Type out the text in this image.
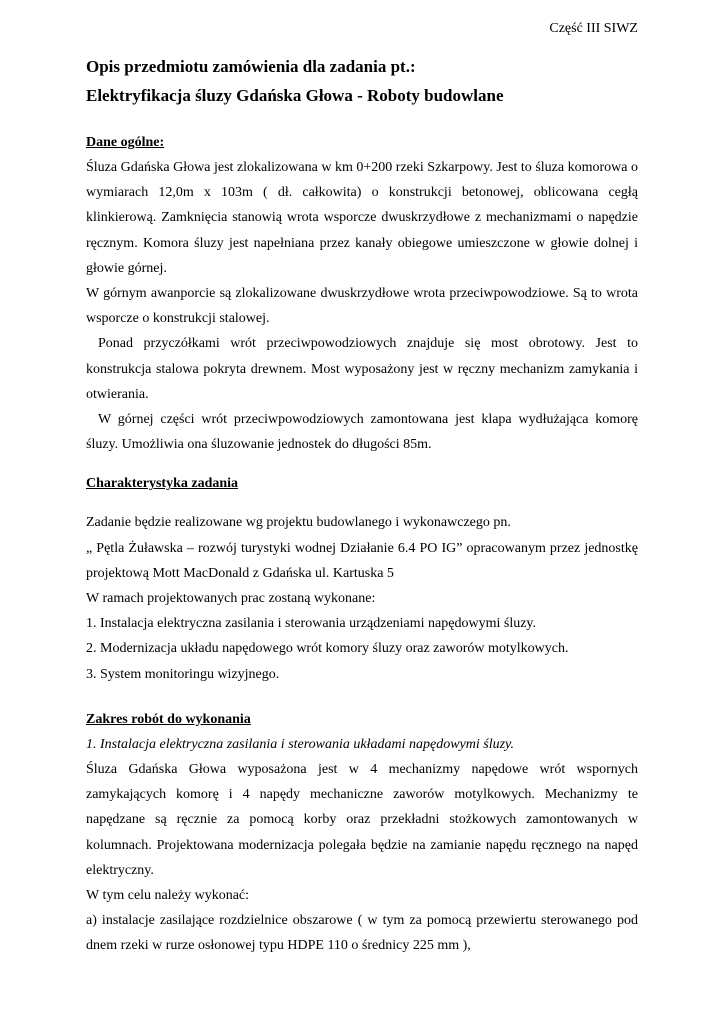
Część III SIWZ

Opis przedmiotu zamówienia dla zadania pt.:

Elektryfikacja śluzy Gdańska Głowa - Roboty budowlane

Dane ogólne:

Śluza Gdańska Głowa jest zlokalizowana w km 0+200 rzeki Szkarpowy. Jest to śluza komorowa o wymiarach 12,0m x 103m ( dł. całkowita) o konstrukcji betonowej, oblicowana cegłą klinkierową. Zamknięcia stanowią wrota wsporcze dwuskrzydłowe z mechanizmami o napędzie ręcznym. Komora śluzy jest napełniana przez kanały obiegowe umieszczone w głowie dolnej i głowie górnej.

W górnym awanporcie są zlokalizowane dwuskrzydłowe wrota przeciwpowodziowe. Są to wrota wsporcze o konstrukcji stalowej.

Ponad przyczółkami wrót przeciwpowodziowych znajduje się most obrotowy. Jest to konstrukcja stalowa pokryta drewnem. Most wyposażony jest w ręczny mechanizm zamykania i otwierania.

W górnej części wrót przeciwpowodziowych zamontowana jest klapa wydłużająca komorę śluzy. Umożliwia ona śluzowanie jednostek do długości 85m.

Charakterystyka zadania

Zadanie będzie realizowane wg projektu budowlanego i wykonawczego pn.

„ Pętla Żuławska – rozwój turystyki wodnej Działanie 6.4 PO IG” opracowanym przez jednostkę projektową Mott MacDonald z Gdańska ul. Kartuska 5

W ramach projektowanych prac zostaną wykonane:

1. Instalacja elektryczna zasilania i sterowania urządzeniami napędowymi śluzy.

2. Modernizacja układu napędowego wrót komory śluzy oraz zaworów motylkowych.

3. System monitoringu wizyjnego.

Zakres robót do wykonania

1. Instalacja elektryczna zasilania i sterowania układami napędowymi śluzy.

Śluza Gdańska Głowa wyposażona jest w 4 mechanizmy napędowe wrót wspornych zamykających komorę i 4 napędy mechaniczne zaworów motylkowych. Mechanizmy te napędzane są ręcznie za pomocą korby oraz przekładni stożkowych zamontowanych w kolumnach. Projektowana modernizacja polegała będzie na zamianie napędu ręcznego na napęd elektryczny.

W tym celu należy wykonać:

a) instalacje zasilające rozdzielnice obszarowe ( w tym za pomocą przewiertu sterowanego pod dnem rzeki w rurze osłonowej typu HDPE 110 o średnicy 225 mm ),
